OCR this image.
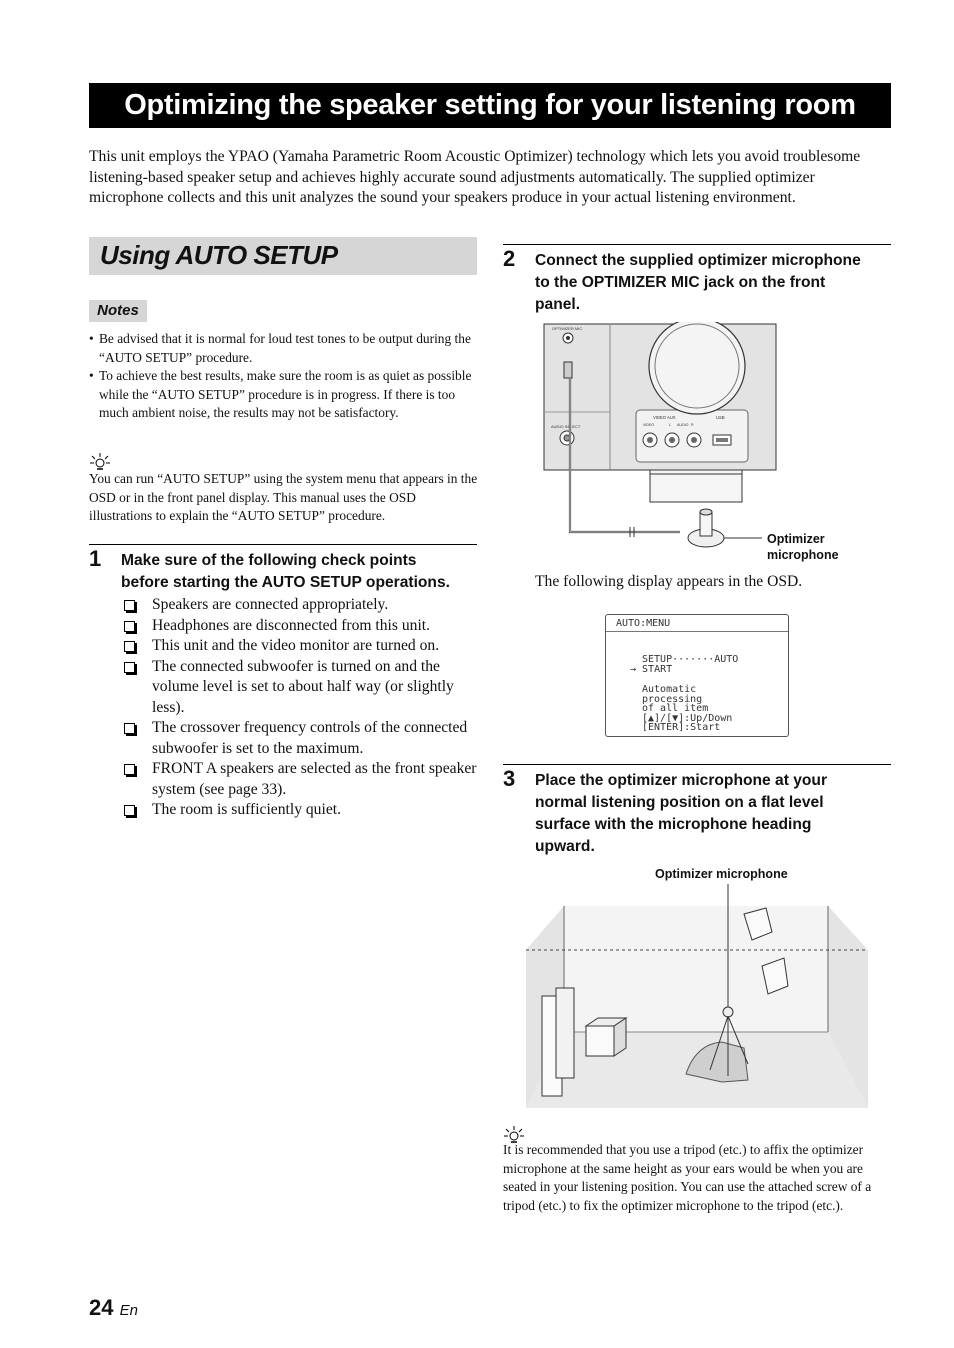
Optimizing the speaker setting for your listening room
This unit employs the YPAO (Yamaha Parametric Room Acoustic Optimizer) technology which lets you avoid troublesome listening-based speaker setup and achieves highly accurate sound adjustments automatically. The supplied optimizer microphone collects and this unit analyzes the sound your speakers produce in your actual listening environment.
Using AUTO SETUP
Notes
• Be advised that it is normal for loud test tones to be output during the “AUTO SETUP” procedure.
• To achieve the best results, make sure the room is as quiet as possible while the “AUTO SETUP” procedure is in progress. If there is too much ambient noise, the results may not be satisfactory.
You can run “AUTO SETUP” using the system menu that appears in the OSD or in the front panel display. This manual uses the OSD illustrations to explain the “AUTO SETUP” procedure.
1 Make sure of the following check points
before starting the AUTO SETUP operations.
Speakers are connected appropriately.
Headphones are disconnected from this unit.
This unit and the video monitor are turned on.
The connected subwoofer is turned on and the volume level is set to about half way (or slightly less).
The crossover frequency controls of the connected subwoofer is set to the maximum.
FRONT A speakers are selected as the front speaker system (see page 33).
The room is sufficiently quiet.
2 Connect the supplied optimizer microphone
to the OPTIMIZER MIC jack on the front
panel.
OPTIMIZER MIC
AUDIO SELECT
VIDEO AUX
VIDEO	L AUDIO R
USB
Optimizer
microphone
The following display appears in the OSD.
AUTO:MENU
SETUP·······AUTO
→ START
Automatic
processing
of all item
[▲]/[▼]:Up/Down
[ENTER]:Start
3 Place the optimizer microphone at your
normal listening position on a flat level
surface with the microphone heading
upward.
Optimizer microphone
It is recommended that you use a tripod (etc.) to affix the optimizer microphone at the same height as your ears would be when you are seated in your listening position. You can use the attached screw of a tripod (etc.) to fix the optimizer microphone to the tripod (etc.).
24 En
